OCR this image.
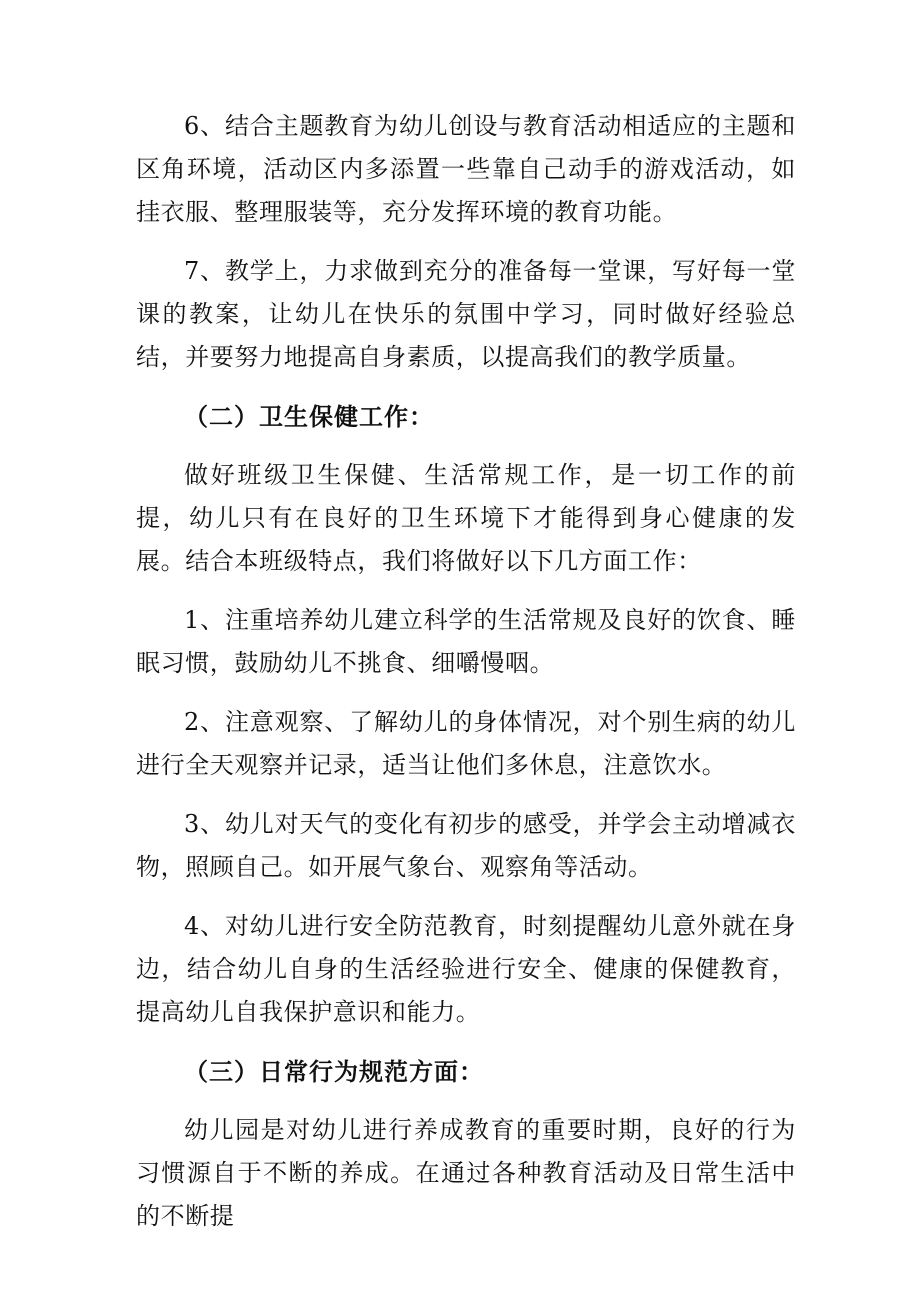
6、结合主题教育为幼儿创设与教育活动相适应的主题和区角环境，活动区内多添置一些靠自己动手的游戏活动，如挂衣服、整理服装等，充分发挥环境的教育功能。

7、教学上，力求做到充分的准备每一堂课，写好每一堂课的教案，让幼儿在快乐的氛围中学习，同时做好经验总结，并要努力地提高自身素质，以提高我们的教学质量。

（二）卫生保健工作：

做好班级卫生保健、生活常规工作，是一切工作的前提，幼儿只有在良好的卫生环境下才能得到身心健康的发展。结合本班级特点，我们将做好以下几方面工作：

1、注重培养幼儿建立科学的生活常规及良好的饮食、睡眠习惯，鼓励幼儿不挑食、细嚼慢咽。

2、注意观察、了解幼儿的身体情况，对个别生病的幼儿进行全天观察并记录，适当让他们多休息，注意饮水。

3、幼儿对天气的变化有初步的感受，并学会主动增减衣物，照顾自己。如开展气象台、观察角等活动。

4、对幼儿进行安全防范教育，时刻提醒幼儿意外就在身边，结合幼儿自身的生活经验进行安全、健康的保健教育，提高幼儿自我保护意识和能力。

（三）日常行为规范方面：

幼儿园是对幼儿进行养成教育的重要时期，良好的行为习惯源自于不断的养成。在通过各种教育活动及日常生活中的不断提
